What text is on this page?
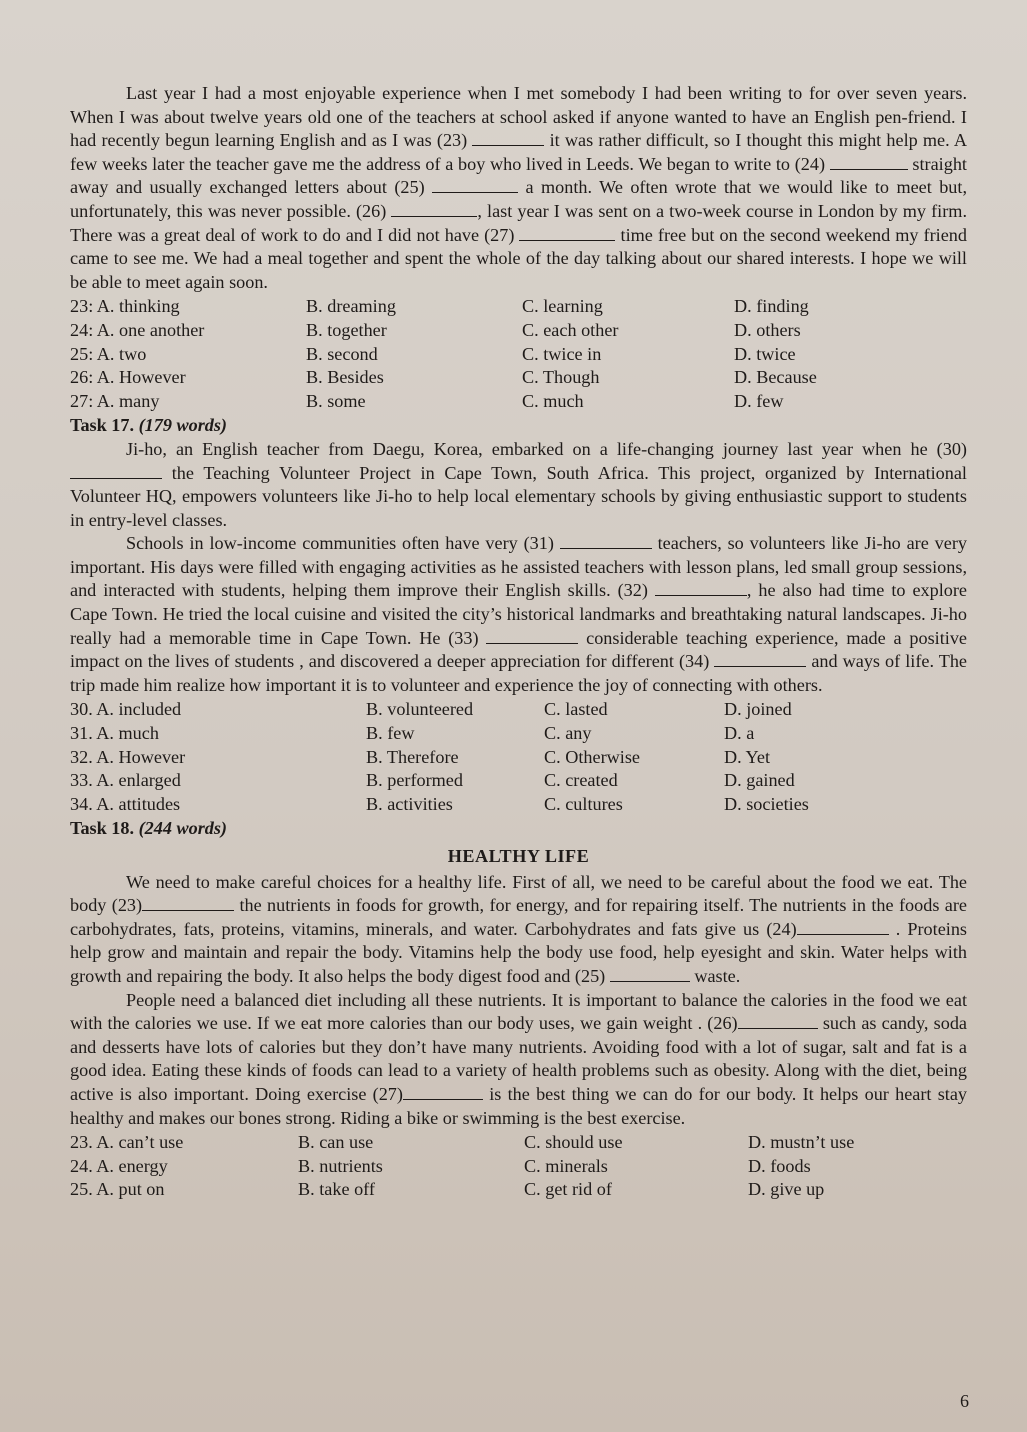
Last year I had a most enjoyable experience when I met somebody I had been writing to for over seven years. When I was about twelve years old one of the teachers at school asked if anyone wanted to have an English pen-friend. I had recently begun learning English and as I was (23)	it was rather difficult, so I thought this might help me. A few weeks later the teacher gave me the address of a boy who lived in Leeds. We began to write to (24)	straight away and usually exchanged letters about (25)	a month. We often wrote that we would like to meet but, unfortunately, this was never possible. (26)	, last year I was sent on a two-week course in London by my firm. There was a great deal of work to do and I did not have (27)	time free but on the second weekend my friend came to see me. We had a meal together and spent the whole of the day talking about our shared interests. I hope we will be able to meet again soon.

23: A. thinking	B. dreaming	C. learning	D. finding
24: A. one another	B. together	C. each other	D. others
25: A. two	B. second	C. twice in	D. twice
26: A. However	B. Besides	C. Though	D. Because
27: A. many	B. some	C. much	D. few

Task 17. (179 words)

Ji-ho, an English teacher from Daegu, Korea, embarked on a life-changing journey last year when he (30)  the Teaching Volunteer Project in Cape Town, South Africa. This project, organized by International Volunteer HQ, empowers volunteers like Ji-ho to help local elementary schools by giving enthusiastic support to students in entry-level classes.

Schools in low-income communities often have very (31)	teachers, so volunteers like Ji-ho are very important. His days were filled with engaging activities as he assisted teachers with lesson plans, led small group sessions, and interacted with students, helping them improve their English skills. (32)	, he also had time to explore Cape Town. He tried the local cuisine and visited the city’s historical landmarks and breathtaking natural landscapes. Ji-ho really had a memorable time in Cape Town. He (33)	considerable teaching experience, made a positive impact on the lives of students , and discovered a deeper appreciation for different (34)	and ways of life. The trip made him realize how important it is to volunteer and experience the joy of connecting with others.

30. A. included	B. volunteered	C. lasted	D. joined
31. A. much	B. few	C. any	D. a
32. A. However	B. Therefore	C. Otherwise	D. Yet
33. A. enlarged	B. performed	C. created	D. gained
34. A. attitudes	B. activities	C. cultures	D. societies

Task 18. (244 words)

HEALTHY LIFE

We need to make careful choices for a healthy life. First of all, we need to be careful about the food we eat. The body (23)	the nutrients in foods for growth, for energy, and for repairing itself. The nutrients in the foods are carbohydrates, fats, proteins, vitamins, minerals, and water. Carbohydrates and fats give us (24)	. Proteins help grow and maintain and repair the body. Vitamins help the body use food, help eyesight and skin. Water helps with growth and repairing the body. It also helps the body digest food and (25)	waste.

People need a balanced diet including all these nutrients. It is important to balance the calories in the food we eat with the calories we use. If we eat more calories than our body uses, we gain weight . (26)	such as candy, soda and desserts have lots of calories but they don’t have many nutrients. Avoiding food with a lot of sugar, salt and fat is a good idea. Eating these kinds of foods can lead to a variety of health problems such as obesity. Along with the diet, being active is also important. Doing exercise (27)	is the best thing we can do for our body. It helps our heart stay healthy and makes our bones strong. Riding a bike or swimming is the best exercise.

23. A. can’t use	B. can use	C. should use	D. mustn’t use
24. A. energy	B. nutrients	C. minerals	D. foods
25. A. put on	B. take off	C. get rid of	D. give up
6
